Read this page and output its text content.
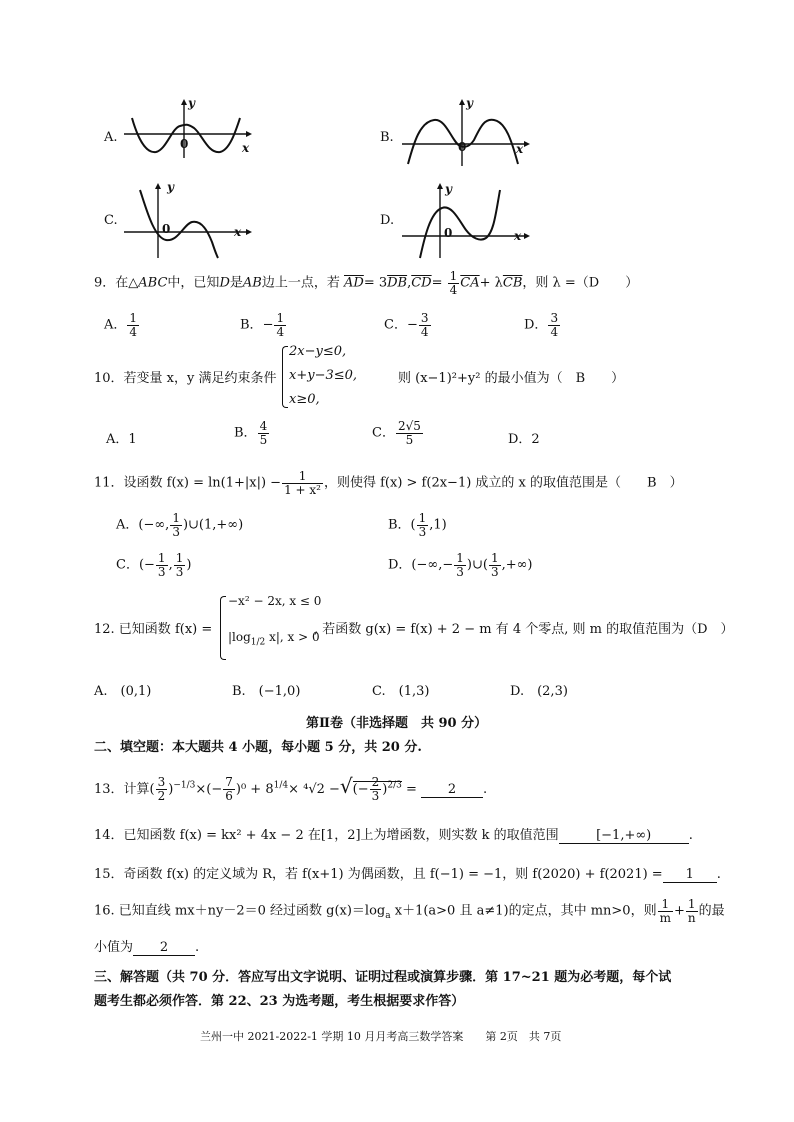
A.
y
0	x
B.
y
0	x
C.
y
0	x
D.
y
0	x
9．在△ABC中，已知D是AB边上一点，若 $\overline{AD}= 3\overline{DB},\overline{CD}= \frac{1}{4} \overline{CA}+ \lambda\overline{CB}$，则 λ =（D　　）
A． $\frac{1}{4}$	B．− $\frac{1}{4}$	C．− $\frac{3}{4}$	D． $\frac{3}{4}$
10．若变量 x，y 满足约束条件
2x−y≤0,
x+y−3≤0,
x≥0,
则 (x−1)²+y² 的最小值为（　B　　）
A．1	B． $\frac{4}{5}$	C． $\frac{2√5}{5}$	D．2
11．设函数 $f(x) = \ln(1+|x|) - \frac{1}{\text{1 + x²}}$ ，则使得 f(x) > f(2x−1) 成立的 x 的取值范围是（　　B　）
A．(−∞, $\frac{1}{3}$ )∪(1,+∞)	B．( $\frac{1}{3} ,1$)
C．(− $\frac{1}{3}$ , $\frac{1}{3}$ )	D．(−∞,− $\frac{1}{3}$ )∪( $\frac{1}{3}$ ,+∞)
12. 已知函数 f(x) =
−x² − 2x, x ≤ 0
$|\log_{1/2}$ x|, x > 0
, 若函数 g(x) = f(x) + 2 − m 有 4 个零点, 则 m 的取值范围为（D　）
A.　(0,1)	B.　(−1,0)	C.　(1,3)	D.　(2,3)
第Ⅱ卷（非选择题　共 90 分）
二、填空题：本大题共 4 小题，每小题 5 分，共 20 分.
13．计算( $\frac{3}{2} )^{-1/3}\times(- \frac{7}{6} )^0 + 8^{1/4}\times ^4√2$ −√(− $\frac{2}{3} )^{2/3} = 2$ .
14．已知函数 f(x) = kx² + 4x − 2 在[1，2]上为增函数，则实数 k 的取值范围	[−1,+∞)	.
15．奇函数 f(x) 的定义域为 R，若 f(x+1) 为偶函数，且 f(−1) = −1，则 f(2020) + f(2021) = 1 .
16. 已知直线 mx＋ny－2＝0 经过函数 $g(x)=\log_a$ x＋1(a>0 且 a≠1)的定点，其中 mn>0，则 $\frac{1}{m} + \frac{1}{n}$ 的最
小值为 2 .
三、解答题（共 70 分．答应写出文字说明、证明过程或演算步骤．第 17~21 题为必考题，每个试
题考生都必须作答．第 22、23 为选考题，考生根据要求作答）
兰州一中 2021-2022-1 学期 10 月月考高三数学答案　　第 2页　共 7页
